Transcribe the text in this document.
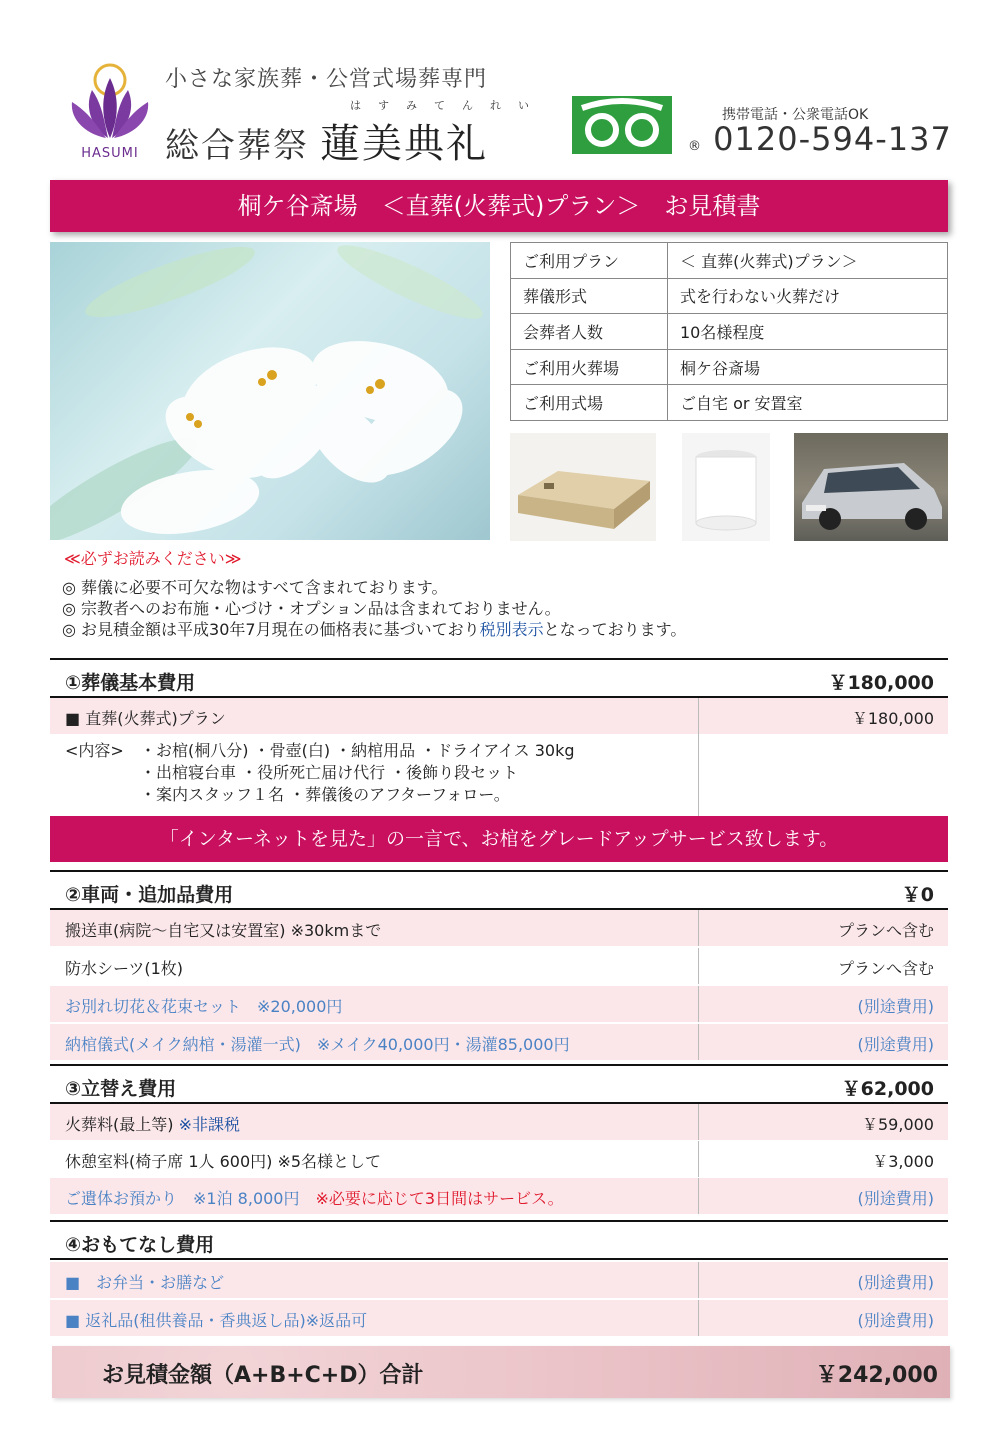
HASUMI
小さな家族葬・公営式場葬専門
はすみてんれい
総合葬祭 蓮美典礼
携帯電話・公衆電話OK
® 0120-594-137
桐ケ谷斎場　＜直葬(火葬式)プラン＞　お見積書
ご利用プラン	＜ 直葬(火葬式)プラン＞
葬儀形式	式を行わない火葬だけ
会葬者人数	10名様程度
ご利用火葬場	桐ケ谷斎場
ご利用式場	ご自宅 or 安置室
≪必ずお読みください≫
◎ 葬儀に必要不可欠な物はすべて含まれております。
◎ 宗教者へのお布施・心づけ・オプション品は含まれておりません。
◎ お見積金額は平成30年7月現在の価格表に基づいており税別表示となっております。
①葬儀基本費用	￥180,000
■ 直葬(火葬式)プラン	￥180,000
<内容> ・お棺(桐八分) ・骨壺(白) ・納棺用品 ・ドライアイス 30kg
・出棺寝台車 ・役所死亡届け代行 ・後飾り段セット
・案内スタッフ１名 ・葬儀後のアフターフォロー。
「インターネットを見た」の一言で、お棺をグレードアップサービス致します。
②車両・追加品費用	￥0
搬送車(病院～自宅又は安置室) ※30kmまで	プランへ含む
防水シーツ(1枚)	プランへ含む
お別れ切花＆花束セット　※20,000円	(別途費用)
納棺儀式(メイク納棺・湯灌一式)　※メイク40,000円・湯灌85,000円	(別途費用)
③立替え費用	￥62,000
火葬料(最上等) ※非課税	￥59,000
休憩室料(椅子席 1人 600円) ※5名様として	￥3,000
ご遺体お預かり　※1泊 8,000円　 ※必要に応じて3日間はサービス。	(別途費用)
④おもてなし費用
■　お弁当・お膳など	(別途費用)
■ 返礼品(租供養品・香典返し品)※返品可	(別途費用)
お見積金額（A+B+C+D）合計	￥242,000
